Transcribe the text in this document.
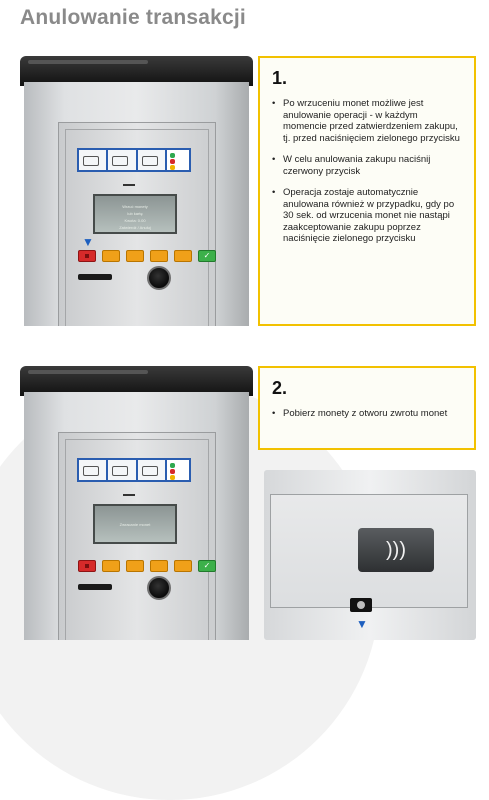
Anulowanie transakcji
Wrzuć monety
lub kartę
Kwota: 0.00
Zatwierdź / Anuluj
▼
✓
1.
• Po wrzuceniu monet możliwe jest anulowanie operacji - w każdym momencie przed zatwierdzeniem zakupu, tj. przed naciśnięciem zielonego przycisku
• W celu anulowania zakupu naciśnij czerwony przycisk
• Operacja zostaje automatycznie anulowana również w przypadku, gdy po 30 sek. od wrzucenia monet nie nastąpi zaakceptowanie zakupu poprzez naciśnięcie zielonego przycisku
Zwracanie monet
✓
2.
• Pobierz monety z otworu zwrotu monet
)))
▼
